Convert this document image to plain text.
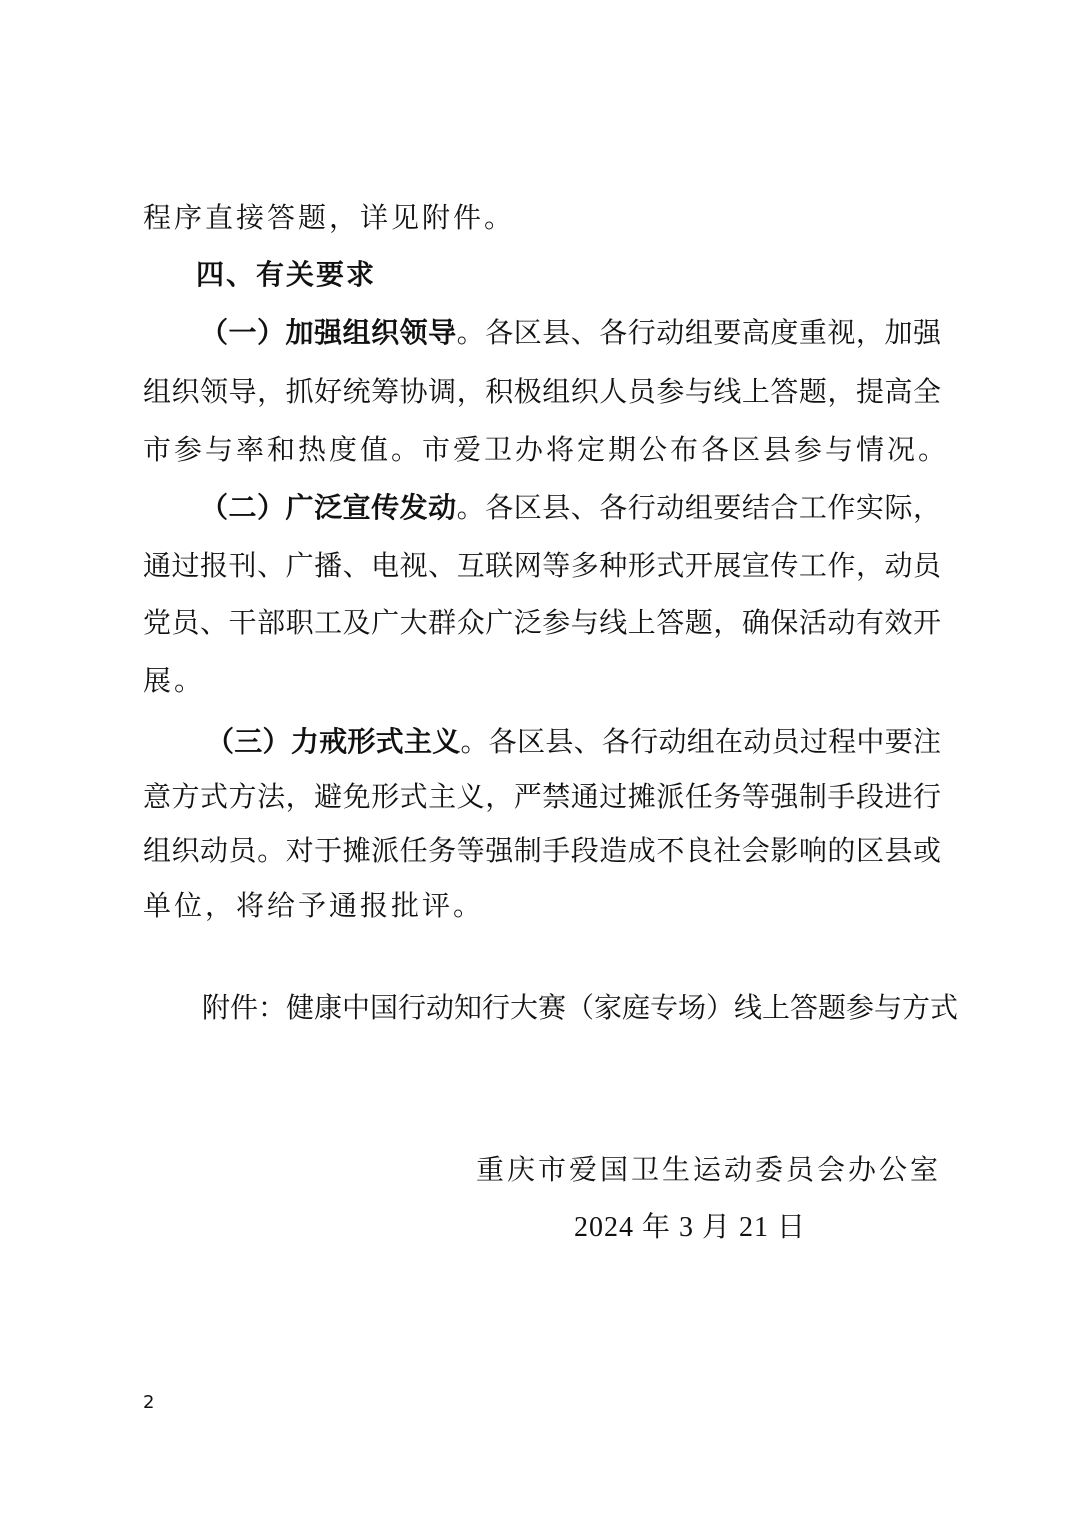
程序直接答题，详见附件。
四、有关要求
（一）加强组织领导。各区县、各行动组要高度重视，加强
组织领导，抓好统筹协调，积极组织人员参与线上答题，提高全
市参与率和热度值。市爱卫办将定期公布各区县参与情况。
（二）广泛宣传发动。各区县、各行动组要结合工作实际，
通过报刊、广播、电视、互联网等多种形式开展宣传工作，动员
党员、干部职工及广大群众广泛参与线上答题，确保活动有效开
展。
（三）力戒形式主义。各区县、各行动组在动员过程中要注
意方式方法，避免形式主义，严禁通过摊派任务等强制手段进行
组织动员。对于摊派任务等强制手段造成不良社会影响的区县或
单位，将给予通报批评。
附件：健康中国行动知行大赛（家庭专场）线上答题参与方式
重庆市爱国卫生运动委员会办公室
2024 年 3 月 21 日
2
